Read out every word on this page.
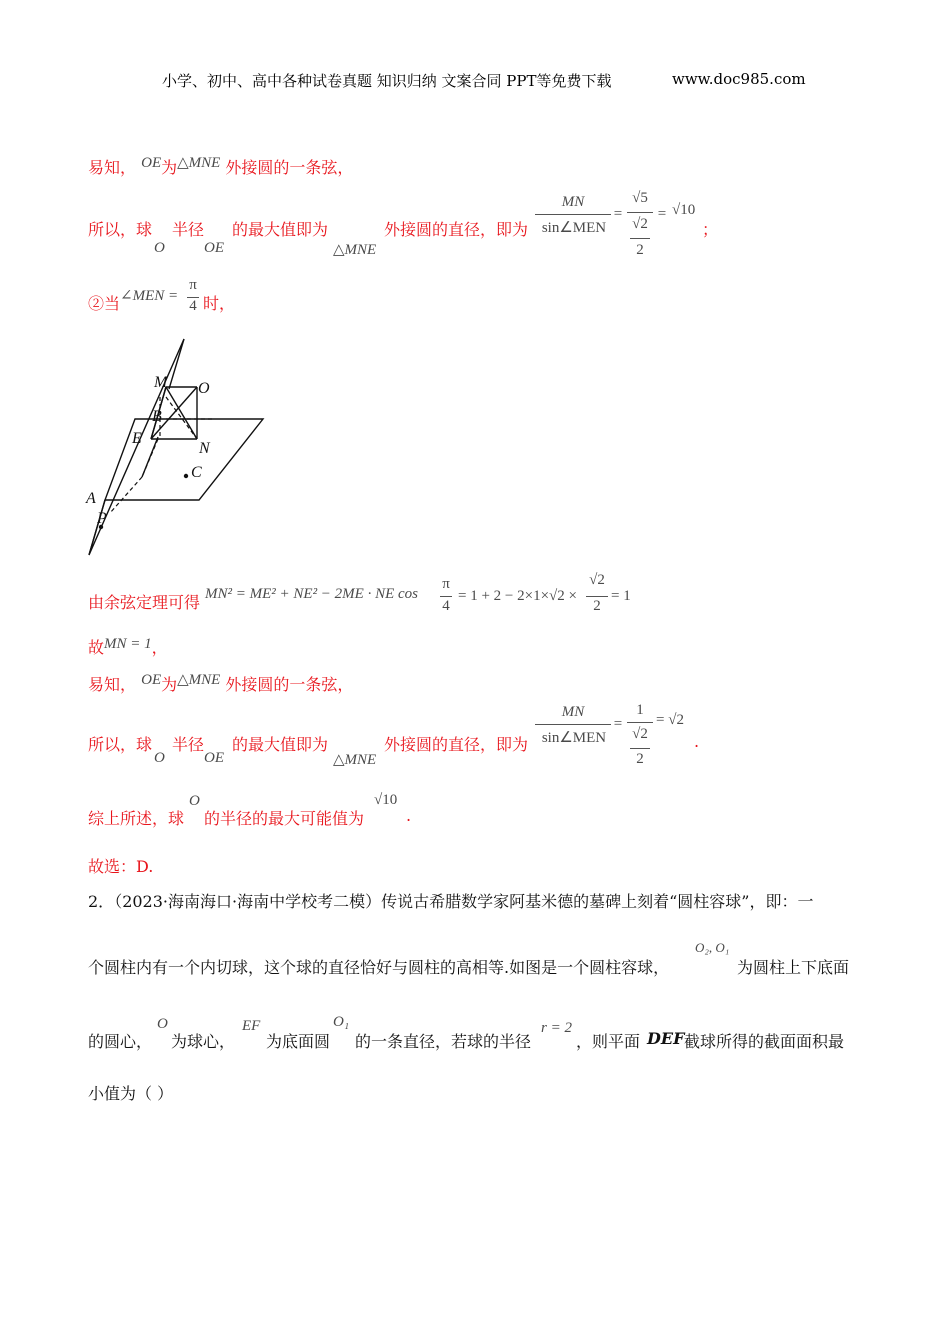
小学、初中、高中各种试卷真题 知识归纳 文案合同 PPT等免费下载	www.doc985.com
易知， OE为△MNE 外接圆的一条弦，
所以，球 半径 的最大值即为	外接圆的直径，即为
O	OE	△MNE
MN
sin∠MEN
=
√5
√2
2
= √10
；
②当 ∠MEN =
π
4 时，
M O
B
E
N
C
A
P
由余弦定理可得 MN² = ME² + NE² − 2ME · NE cos
π
4
= 1 + 2 − 2×1×√2 ×
√2
2
= 1
故MN = 1，
易知， OE为△MNE 外接圆的一条弦，
所以，球 半径 的最大值即为	外接圆的直径，即为
O	OE	△MNE
MN
sin∠MEN
=
1
√2
2
= √2
.
综上所述，球
O
的半径的最大可能值为
√10
.
故选：D.
2．（2023·海南海口·海南中学校考二模）传说古希腊数学家阿基米德的墓碑上刻着“圆柱容球”，即：一
个圆柱内有一个内切球，这个球的直径恰好与圆柱的高相等.如图是一个圆柱容球，
O₂, O₁
为圆柱上下底面
的圆心，
O
为球心，
EF
为底面圆
O₁
的一条直径，若球的半径
r = 2
，则平面 DEF 截球所得的截面面积最
小值为（ ）
